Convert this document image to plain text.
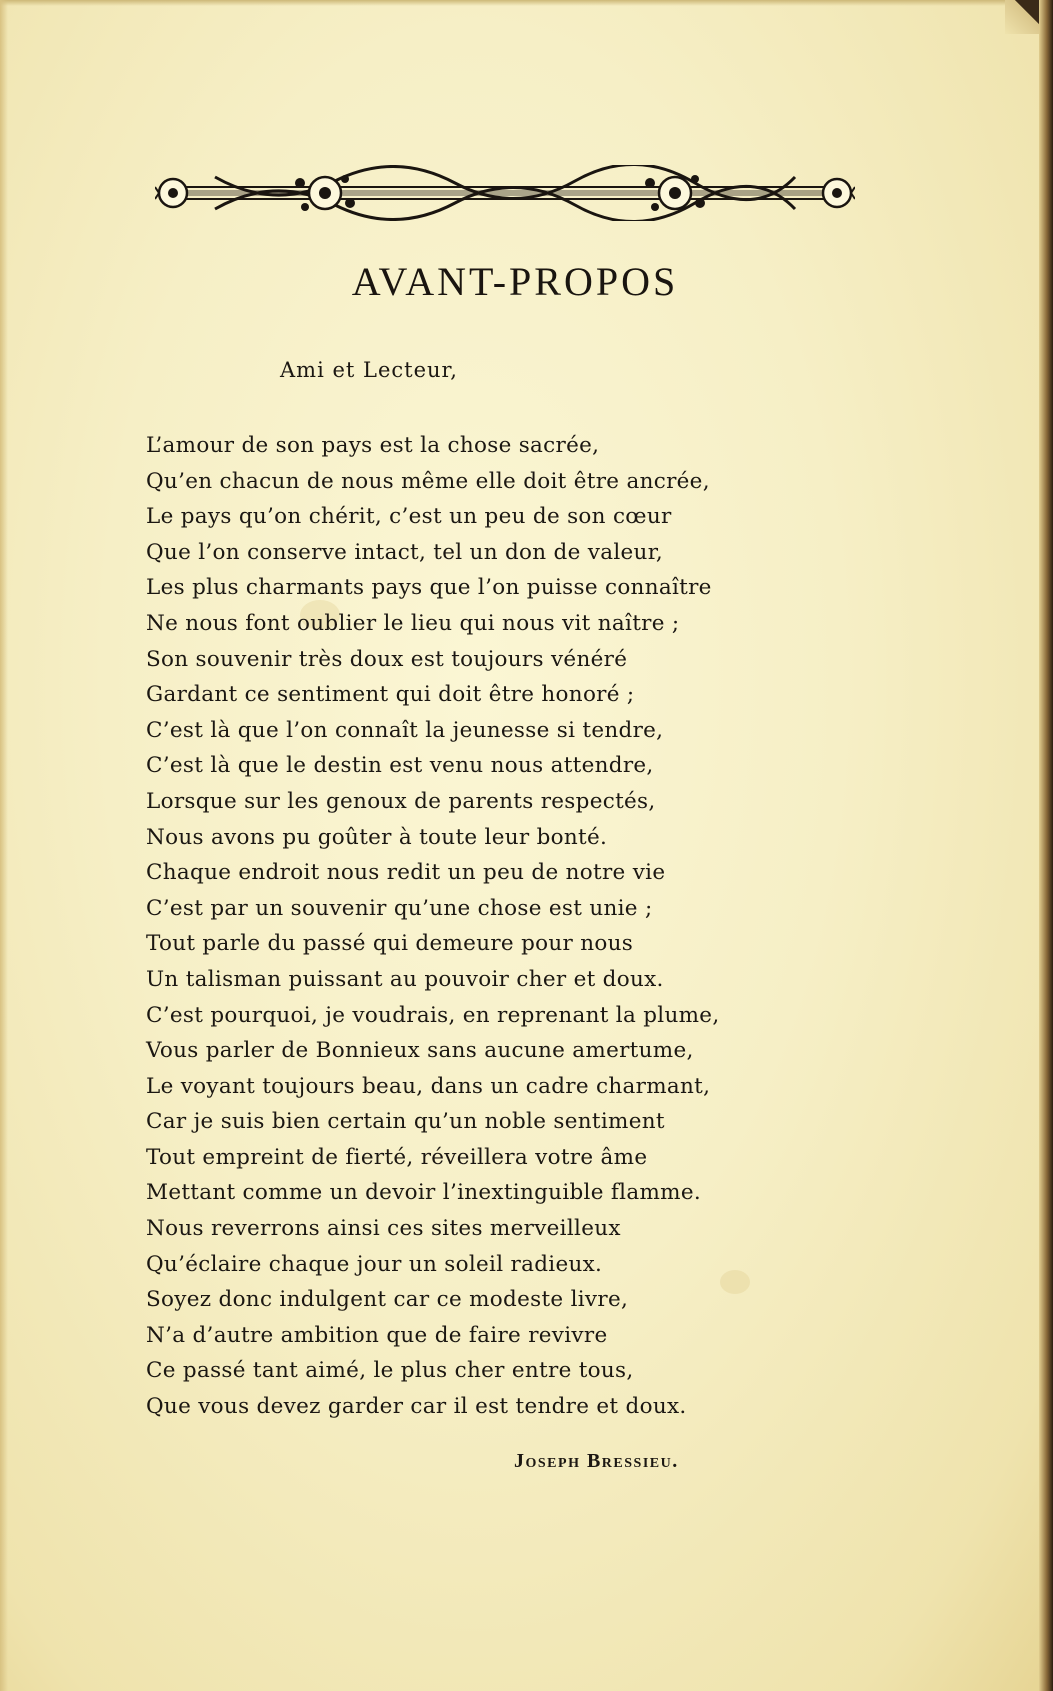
AVANT-PROPOS
Ami et Lecteur,
L’amour de son pays est la chose sacrée,
Qu’en chacun de nous même elle doit être ancrée,
Le pays qu’on chérit, c’est un peu de son cœur
Que l’on conserve intact, tel un don de valeur,
Les plus charmants pays que l’on puisse connaître
Ne nous font oublier le lieu qui nous vit naître ;
Son souvenir très doux est toujours vénéré
Gardant ce sentiment qui doit être honoré ;
C’est là que l’on connaît la jeunesse si tendre,
C’est là que le destin est venu nous attendre,
Lorsque sur les genoux de parents respectés,
Nous avons pu goûter à toute leur bonté.
Chaque endroit nous redit un peu de notre vie
C’est par un souvenir qu’une chose est unie ;
Tout parle du passé qui demeure pour nous
Un talisman puissant au pouvoir cher et doux.
C’est pourquoi, je voudrais, en reprenant la plume,
Vous parler de Bonnieux sans aucune amertume,
Le voyant toujours beau, dans un cadre charmant,
Car je suis bien certain qu’un noble sentiment
Tout empreint de fierté, réveillera votre âme
Mettant comme un devoir l’inextinguible flamme.
Nous reverrons ainsi ces sites merveilleux
Qu’éclaire chaque jour un soleil radieux.
Soyez donc indulgent car ce modeste livre,
N’a d’autre ambition que de faire revivre
Ce passé tant aimé, le plus cher entre tous,
Que vous devez garder car il est tendre et doux.
Joseph Bressieu.
